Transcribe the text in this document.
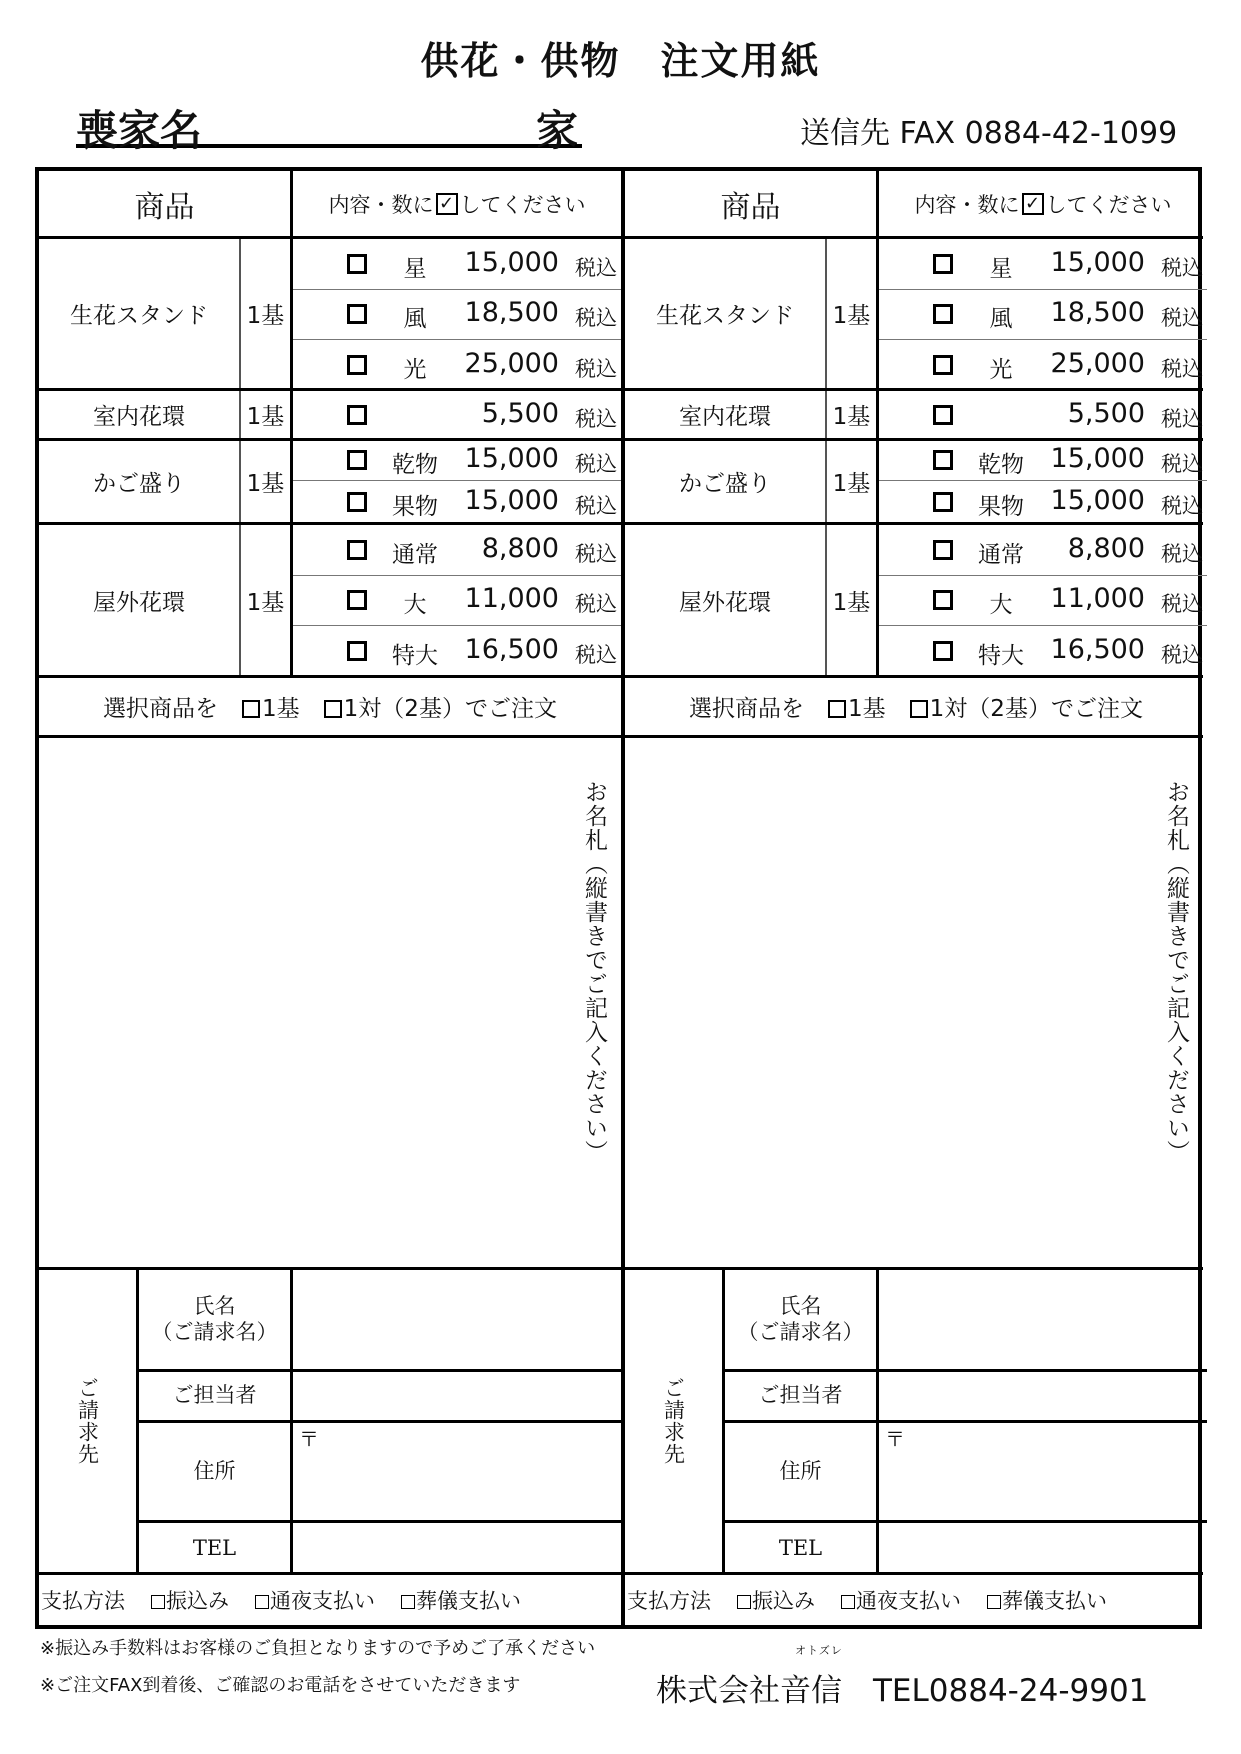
供花・供物　注文用紙
喪家名	家	送信先 FAX 0884-42-1099
商品	内容・数に ✓ してください
生花スタンド	1基
星	15,000 税込
風	18,500 税込
光	25,000 税込
室内花環	1基	5,500 税込
かご盛り	1基
乾物 15,000 税込
果物 15,000 税込
屋外花環	1基
通常 8,800 税込
大	11,000 税込
特大 16,500 税込
選択商品を	1基	1対（2基）でご注文
お名札（縦書きでご記入ください）
ご請求先
氏名
（ご請求名）
ご担当者
住所
〒
TEL
支払方法	振込み	通夜支払い	葬儀支払い
商品	内容・数に ✓ してください
生花スタンド	1基
星	15,000 税込
風	18,500 税込
光	25,000 税込
室内花環	1基	5,500 税込
かご盛り	1基
乾物 15,000 税込
果物 15,000 税込
屋外花環	1基
通常 8,800 税込
大	11,000 税込
特大 16,500 税込
選択商品を	1基	1対（2基）でご注文
お名札（縦書きでご記入ください）
ご請求先
氏名
（ご請求名）
ご担当者
住所
〒
TEL
支払方法	振込み	通夜支払い	葬儀支払い
オトズレ
※振込み手数料はお客様のご負担となりますので予めご了承ください
※ご注文FAX到着後、ご確認のお電話をさせていただきます	株式会社音信　TEL0884-24-9901
